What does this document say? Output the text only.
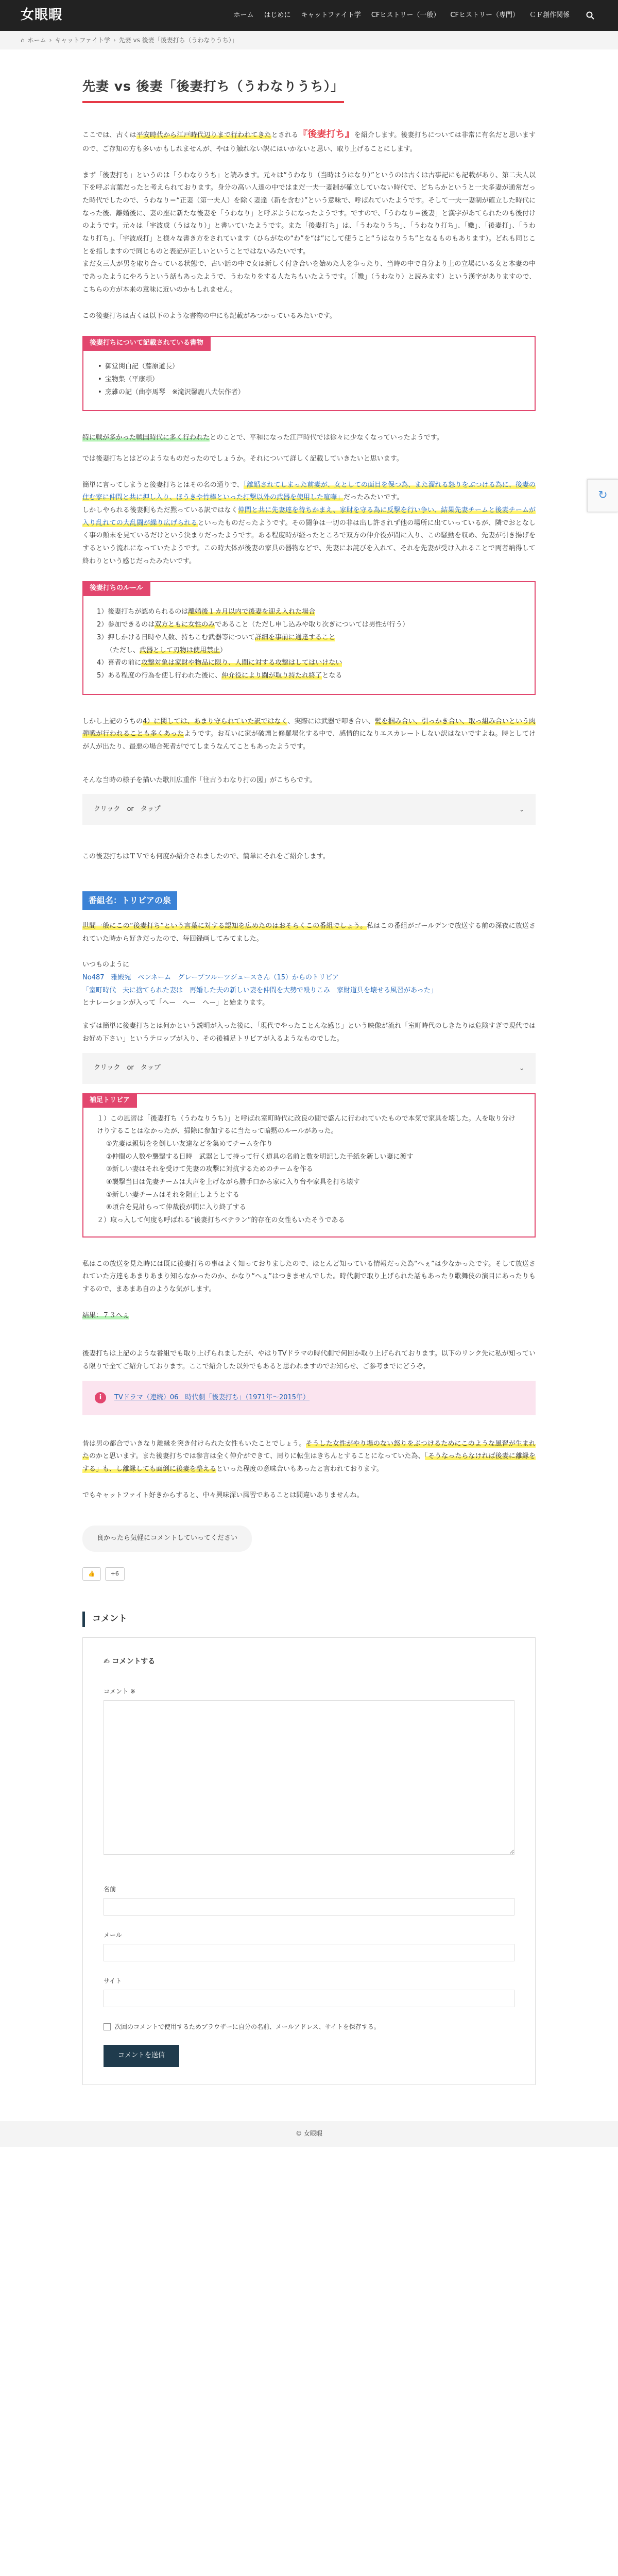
女眼暇	ホーム はじめに キャットファイト学 CFヒストリー（一般） CFヒストリー（専門） ＣＦ創作関係
⌂ ホーム › キャットファイト学 › 先妻 vs 後妻「後妻打ち（うわなりうち）」
先妻 vs 後妻「後妻打ち（うわなりうち）」

ここでは、古くは平安時代から江戸時代辺りまで行われてきたとされる『後妻打ち』を紹介します。後妻打ちについては非常に有名だと思いますので、ご存知の方も多いかもしれませんが、やはり触れない訳にはいかないと思い、取り上げることにします。

まず「後妻打ち」というのは「うわなりうち」と読みます。元々は“うわなり（当時はうはなり）”というのは古くは古事記にも記載があり、第二夫人以下を呼ぶ言葉だったと考えられております。身分の高い人達の中ではまだ一夫一妻制が確立していない時代で、どちらかというと一夫多妻が通常だった時代でしたので、うわなり＝“正妻（第一夫人）を除く妻達（新を含む）”という意味で、呼ばれていたようです。そして一夫一妻制が確立した時代になった後、離婚後に、妻の座に新たな後妻を「うわなり」と呼ぶようになったようです。ですので、「うわなり＝後妻」と漢字があてられたのも後付けのようです。元々は「宇波成（うはなり）」と書いていたようです。また「後妻打ち」は、「うわなりうち」、「うわなり打ち」、「嫐」、「後妻打」、「うわなり打ち」、「宇波成打」と様々な書き方をされています（ひらがなの“わ”を“は”にして使うこと“うはなりうち”となるものもあります）。どれも同じことを指しますので同じものと表記が正しいということではないみたいです。
まだ女三人が男を取り合っている状態で、古い話の中で女は新しく付き合いを始めた人を争ったり、当時の中で自分より上の立場にいる女と本妻の中であったようにやろうという話もあったようで、うわなりをする人たちもいたようです。（「嫐」（うわなり）と読みます）という漢字がありますので、こちらの方が本来の意味に近いのかもしれません。

この後妻打ちは古くは以下のような書物の中にも記載がみつかっているみたいです。

後妻打ちについて記載されている書物
• 御堂関白記（藤原道長）
• 宝物集（平康頼）
• 烹雑の記（曲亭馬琴　※滝沢馨鹿八犬伝作者）

特に戦が多かった戦国時代に多く行われたとのことで、平和になった江戸時代では徐々に少なくなっていったようです。

では後妻打ちとはどのようなものだったのでしょうか。それについて詳しく記載していきたいと思います。

簡単に言ってしまうと後妻打ちとはその名の通りで、「離婚されてしまった前妻が、女としての面目を保つ為、また溜れる怒りをぶつける為に、後妻の住む家に仲間と共に押し入り、ほうきや竹棒といった打撃以外の武器を使用した喧嘩」だったみたいです。
しかしやられる後妻側もただ黙っている訳ではなく仲間と共に先妻達を待ちかまえ、家財を守る為に反撃を行い争い、結果先妻チームと後妻チームが入り乱れての大乱闘が繰り広げられるといったものだったようです。その闘争は一切の非は出し許されず他の場所に出ていっているが、隣でおとなしく事の顛末を見ているだけという決まりだったようです。ある程度時が経ったところで双方の仲介役が間に入り、この騒動を収め、先妻が引き揚げをするという流れになっていたようです。この時大体が後妻の家具の器物などで、先妻にお詫びを入れて、それを先妻が受け入れることで両者納得して終わりという感じだったみたいです。

後妻打ちのルール
1）後妻打ちが認められるのは離婚後１カ月以内で後妻を迎え入れた場合
2）参加できるのは双方ともに女性のみであること（ただし申し込みや取り次ぎについては男性が行う）
3）押しかける日時や人数、持ちこむ武器等について詳細を事前に通達すること
（ただし、武器として刃物は使用禁止）
4）喜者の前に攻撃対象は家財や物品に限り、人間に対する攻撃はしてはいけない
5）ある程度の行為を使し行われた後に、仲介役により闘が取り持たれ終了となる

しかし上記のうちの4）に関しては、あまり守られていた訳ではなく、実際には武器で叩き合い、髪を掴み合い、引っかき合い、取っ組み合いという肉弾戦が行われることも多くあったようです。お互いに家が破壊と修羅場化する中で、感情的になりエスカレートしない訳はないですよね。時としてけが人が出たり、最悪の場合死者がでてしまうなんてこともあったようです。

そんな当時の様子を描いた歌川広重作「往古うわなり打の図」がこちらです。

クリック　or　タップ	⌄

この後妻打ちはＴＶでも何度か紹介されましたので、簡単にそれをご紹介します。

番組名：トリビアの泉

世間一般にこの“後妻打ち”という言葉に対する認知を広めたのはおそらくこの番組でしょう。私はこの番組がゴールデンで放送する前の深夜に放送されていた時から好きだったので、毎回録画してみてました。

いつものように
No487　雅殿宛　ペンネーム　グレープフルーツジュースさん（15）からのトリビア
「室町時代　夫に捨てられた妻は　再婚した夫の新しい妻を仲間を大勢で殴りこみ　家財道具を壊せる風習があった」
とナレーションが入って「へー　へー　へー」と始まります。

まずは簡単に後妻打ちとは何かという説明が入った後に、「現代でやったことんな感じ」という映像が流れ「室町時代のしきたりは危険すぎで現代ではお好め下さい」というテロップが入り、その後補足トリビアが入るようなものでした。

クリック　or　タップ	⌄
補足トリビア
１）この風習は「後妻打ち（うわなりうち）」と呼ばれ室町時代に改良の間で盛んに行われていたもので本気で家具を壊した。人を取り分けけりすることはなかったが、掃除に参加するに当たって暗黙のルールがあった。
①先妻は親切をを倒しい友達などを集めてチームを作り
②仲間の人数や襲撃する日時　武器として持って行く道具の名前と数を明記した手紙を新しい妻に渡す
③新しい妻はそれを受けて先妻の攻撃に対抗するためのチームを作る
④襲撃当日は先妻チームは大声を上げながら勝手口から家に入り台や家具を打ち壊す
⑤新しい妻チームはそれを阻止しようとする
⑥頃合を見計らって仲裁役が間に入り終了する
２）取っ入して何度も呼ばれる“後妻打ちベテラン”的存在の女性もいたそうである

私はこの放送を見た時には既に後妻打ちの事はよく知っておりましたので、ほとんど知っている情報だった為“へぇ”は少なかったです。そして放送されていた方達もあまりあまり知らなかったのか、かなり“へぇ”はつきませんでした。時代劇で取り上げられた話もあったり歌舞伎の演目にあったりもするので、まあまあ自のような気がします。

結果：７３へぇ

後妻打ちは上記のような番組でも取り上げられましたが、やはりTVドラマの時代劇で何回か取り上げられております。以下のリンク先に私が知っている限りで全てご紹介しております。ここで紹介した以外でもあると思われますのでお知らせ、ご参考までにどうぞ。

i	TVドラマ（連続）06　時代劇「後妻打ち」（1971年〜2015年）

昔は男の都合でいきなり離縁を突き付けられた女性もいたことでしょう。そうした女性がやり場のない怒りをぶつけるためにこのような風習が生まれたのかと思います。また後妻打ちでは参言は全く仲介ができて、周りに転生はきちんとすることになっていた為、「そうなったらなければ後妻に離縁をする」も、し離縁しても面倒に後妻を整えるといった程度の意味合いもあったと言われております。

でもキャットファイト好きからすると、中々興味深い風習であることは間違いありませんね。

良かったら気軽にコメントしていってください
👍	+6
コメント
✍ コメントする
コメント ※
名前
メール
サイト
次回のコメントで使用するためブラウザーに自分の名前、メールアドレス、サイトを保存する。
コメントを送信
© 女眼暇
↻
